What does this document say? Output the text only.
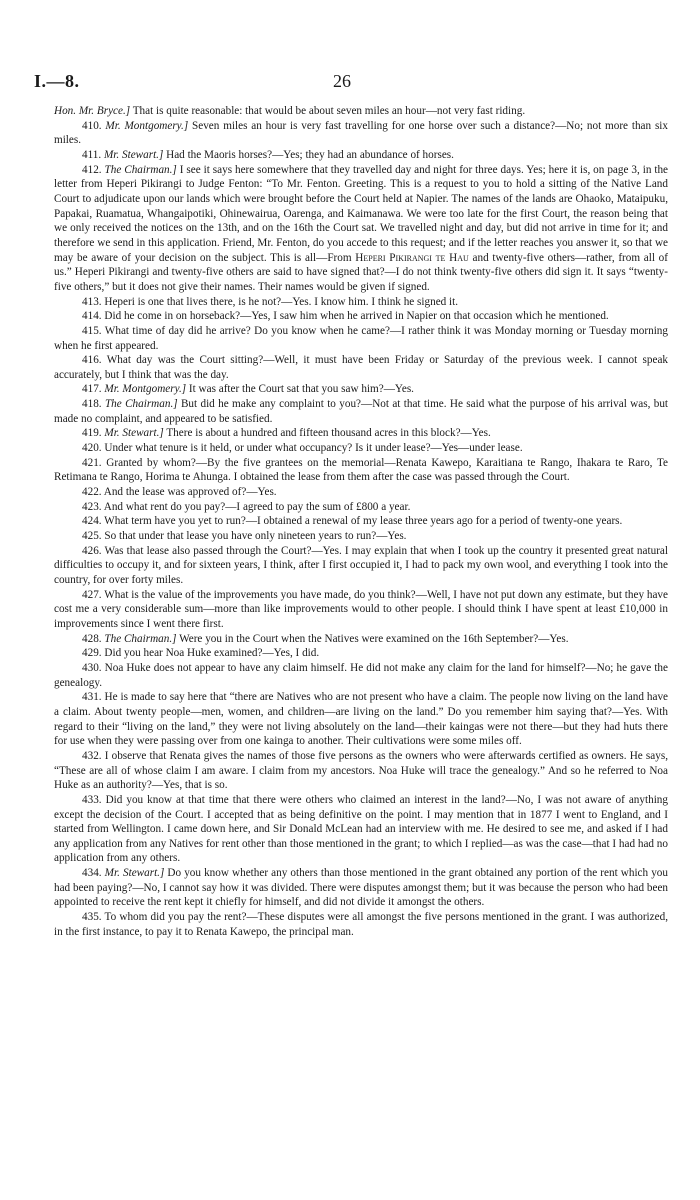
I.—8.	26

Hon. Mr. Bryce.] That is quite reasonable: that would be about seven miles an hour—not very fast riding.

410. Mr. Montgomery.] Seven miles an hour is very fast travelling for one horse over such a distance?—No; not more than six miles.

411. Mr. Stewart.] Had the Maoris horses?—Yes; they had an abundance of horses.

412. The Chairman.] I see it says here somewhere that they travelled day and night for three days. Yes; here it is, on page 3, in the letter from Heperi Pikirangi to Judge Fenton: “To Mr. Fenton. Greeting. This is a request to you to hold a sitting of the Native Land Court to adjudicate upon our lands which were brought before the Court held at Napier. The names of the lands are Ohaoko, Mataipuku, Papakai, Ruamatua, Whangaipotiki, Ohinewairua, Oarenga, and Kaimanawa. We were too late for the first Court, the reason being that we only received the notices on the 13th, and on the 16th the Court sat. We travelled night and day, but did not arrive in time for it; and therefore we send in this application. Friend, Mr. Fenton, do you accede to this request; and if the letter reaches you answer it, so that we may be aware of your decision on the subject. This is all—From Heperi Pikirangi te Hau and twenty-five others—rather, from all of us.” Heperi Pikirangi and twenty-five others are said to have signed that?—I do not think twenty-five others did sign it. It says “twenty-five others,” but it does not give their names. Their names would be given if signed.

413. Heperi is one that lives there, is he not?—Yes. I know him. I think he signed it.

414. Did he come in on horseback?—Yes, I saw him when he arrived in Napier on that occasion which he mentioned.

415. What time of day did he arrive? Do you know when he came?—I rather think it was Monday morning or Tuesday morning when he first appeared.

416. What day was the Court sitting?—Well, it must have been Friday or Saturday of the previous week. I cannot speak accurately, but I think that was the day.

417. Mr. Montgomery.] It was after the Court sat that you saw him?—Yes.

418. The Chairman.] But did he make any complaint to you?—Not at that time. He said what the purpose of his arrival was, but made no complaint, and appeared to be satisfied.

419. Mr. Stewart.] There is about a hundred and fifteen thousand acres in this block?—Yes.

420. Under what tenure is it held, or under what occupancy? Is it under lease?—Yes—under lease.

421. Granted by whom?—By the five grantees on the memorial—Renata Kawepo, Karaitiana te Rango, Ihakara te Raro, Te Retimana te Rango, Horima te Ahunga. I obtained the lease from them after the case was passed through the Court.

422. And the lease was approved of?—Yes.

423. And what rent do you pay?—I agreed to pay the sum of £800 a year.

424. What term have you yet to run?—I obtained a renewal of my lease three years ago for a period of twenty-one years.

425. So that under that lease you have only nineteen years to run?—Yes.

426. Was that lease also passed through the Court?—Yes. I may explain that when I took up the country it presented great natural difficulties to occupy it, and for sixteen years, I think, after I first occupied it, I had to pack my own wool, and everything I took into the country, for over forty miles.

427. What is the value of the improvements you have made, do you think?—Well, I have not put down any estimate, but they have cost me a very considerable sum—more than like improvements would to other people. I should think I have spent at least £10,000 in improvements since I went there first.

428. The Chairman.] Were you in the Court when the Natives were examined on the 16th September?—Yes.

429. Did you hear Noa Huke examined?—Yes, I did.

430. Noa Huke does not appear to have any claim himself. He did not make any claim for the land for himself?—No; he gave the genealogy.

431. He is made to say here that “there are Natives who are not present who have a claim. The people now living on the land have a claim. About twenty people—men, women, and children—are living on the land.” Do you remember him saying that?—Yes. With regard to their “living on the land,” they were not living absolutely on the land—their kaingas were not there—but they had huts there for use when they were passing over from one kainga to another. Their cultivations were some miles off.

432. I observe that Renata gives the names of those five persons as the owners who were afterwards certified as owners. He says, “These are all of whose claim I am aware. I claim from my ancestors. Noa Huke will trace the genealogy.” And so he referred to Noa Huke as an authority?—Yes, that is so.

433. Did you know at that time that there were others who claimed an interest in the land?—No, I was not aware of anything except the decision of the Court. I accepted that as being definitive on the point. I may mention that in 1877 I went to England, and I started from Wellington. I came down here, and Sir Donald McLean had an interview with me. He desired to see me, and asked if I had any application from any Natives for rent other than those mentioned in the grant; to which I replied—as was the case—that I had had no application from any others.

434. Mr. Stewart.] Do you know whether any others than those mentioned in the grant obtained any portion of the rent which you had been paying?—No, I cannot say how it was divided. There were disputes amongst them; but it was because the person who had been appointed to receive the rent kept it chiefly for himself, and did not divide it amongst the others.

435. To whom did you pay the rent?—These disputes were all amongst the five persons mentioned in the grant. I was authorized, in the first instance, to pay it to Renata Kawepo, the principal man.
